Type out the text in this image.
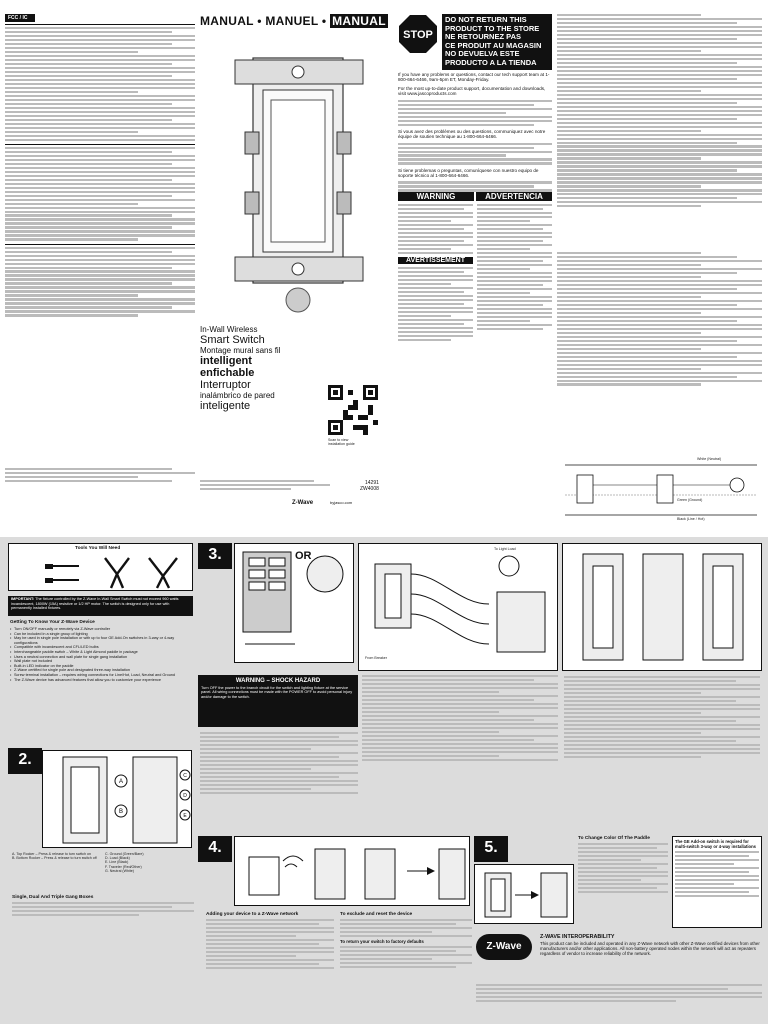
FCC / IC	MANUAL • MANUEL • MANUAL
In-Wall Wireless
Smart Switch
Montage mural sans fil
intelligent
enfichable
Interruptor
inalámbrico de pared
inteligente
Scan to view
installation guide
14291
ZW4008
Z-Wave	byjasco.com
STOP
DO NOT RETURN THIS
PRODUCT TO THE STORE
NE RETOURNEZ PAS
CE PRODUIT AU MAGASIN
NO DEVUELVA ESTE
PRODUCTO A LA TIENDA
If you have any problems or questions, contact our tech support team at 1-800-664-6466, 9am-5pm ET, Monday-Friday.
For the most up-to-date product support, documentation and downloads, visit www.jascoproducts.com
Si vous avez des problèmes ou des questions, communiquez avec notre équipe de soutien technique au 1-800-664-6466.
Si tiene problemas o preguntas, comuníquese con nuestro equipo de soporte técnico al 1-800-664-6466.
WARNING	ADVERTENCIA
AVERTISSEMENT
White (Neutral)
Black (Line / Hot)
Green (Ground)
Tools You Will Need
IMPORTANT: The fixture controlled by the Z-Wave In-Wall Smart Switch must not exceed 960 watts incandescent, 1800W (15A) resistive or 1/2 HP motor. The switch is designed only for use with permanently installed fixtures.
Getting To Know Your Z-Wave Device
• Turn ON/OFF manually or remotely via Z-Wave controller
• Can be included in a single group of lighting
• May be used in single pole installation or with up to four GE Add-On switches in 3-way or 4-way configurations
• Compatible with incandescent and CFL/LED bulbs
• Interchangeable paddle switch – White & Light Almond paddle in package
• Uses a neutral connection and wall plate for single gang installation
• Wall plate not included
• Built-in LED indicator on the paddle
• Z-Wave certified for single pole and designated three-way installation
• Screw terminal installation – requires wiring connections for Line/Hot, Load, Neutral and Ground
• The Z-Wave device has advanced features that allow you to customize your experience
2.
A
B
C
D
E
A. Top Rocker – Press & release to turn switch on
B. Bottom Rocker – Press & release to turn switch off
C. Ground (Green/Bare)
D. Load (Black)
E. Line (Black)
F. Traveler (Red/Other)
G. Neutral (White)
Single, Dual And Triple Gang Boxes
3.	OR
To Light Load
From Breaker
WARNING – SHOCK HAZARD
Turn OFF the power to the branch circuit for the switch and lighting fixture at the service panel. All wiring connections must be made with the POWER OFF to avoid personal injury and/or damage to the switch.
4.
Adding your device to a Z-Wave network	To exclude and reset the device
To return your switch to factory defaults
5.
To Change Color Of The Paddle
The GE Add-on switch is required for multi-switch 3-way or 4-way installations
Z-Wave
Z-WAVE INTEROPERABILITY
This product can be included and operated in any Z-Wave network with other Z-Wave certified devices from other manufacturers and/or other applications. All non-battery operated nodes within the network will act as repeaters regardless of vendor to increase reliability of the network.
